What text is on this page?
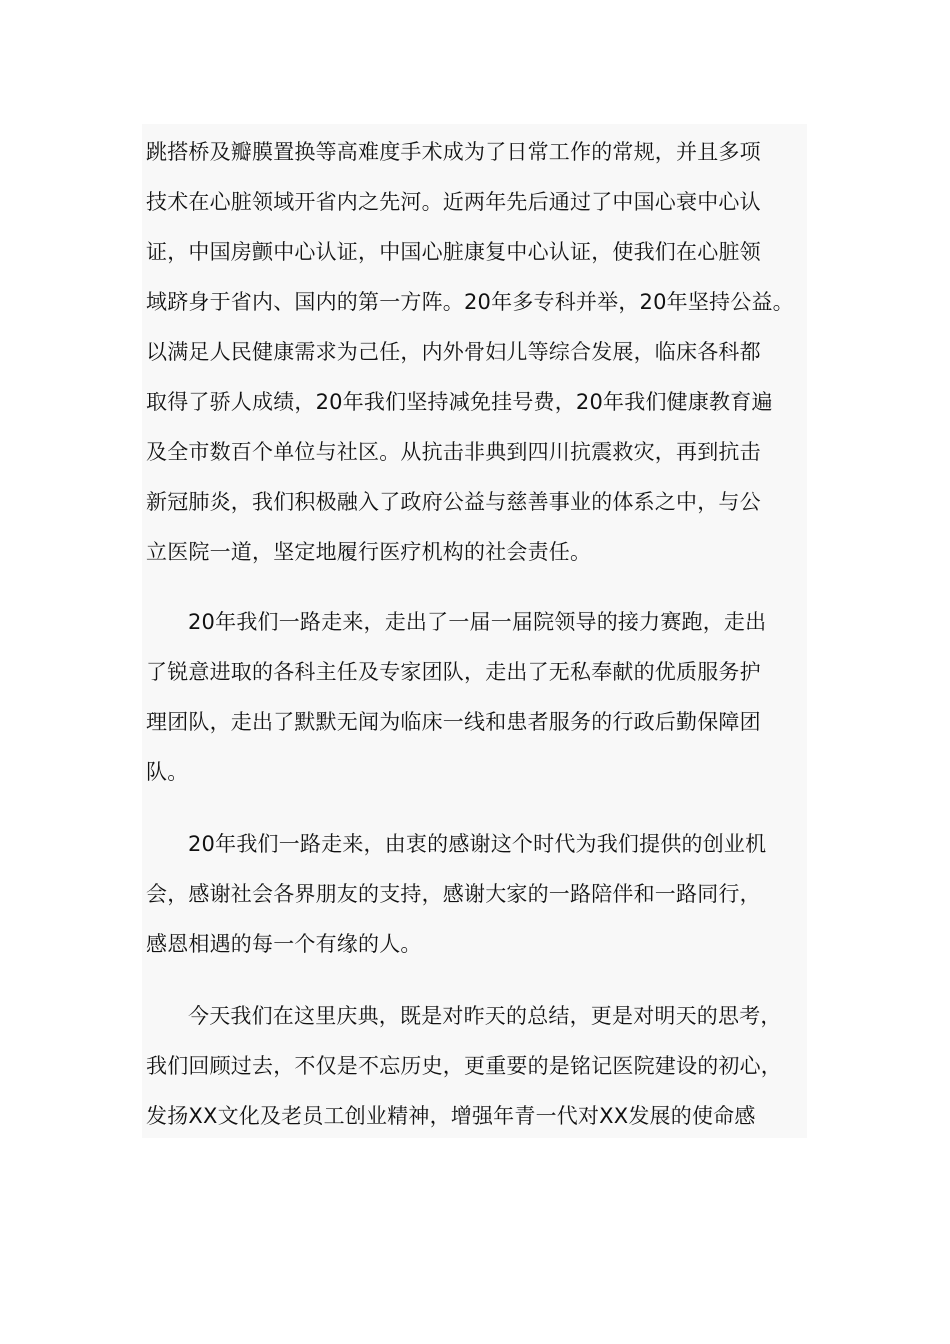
跳搭桥及瓣膜置换等高难度手术成为了日常工作的常规，并且多项
技术在心脏领域开省内之先河。近两年先后通过了中国心衰中心认
证，中国房颤中心认证，中国心脏康复中心认证，使我们在心脏领
域跻身于省内、国内的第一方阵。20年多专科并举，20年坚持公益。
以满足人民健康需求为己任，内外骨妇儿等综合发展，临床各科都
取得了骄人成绩，20年我们坚持减免挂号费，20年我们健康教育遍
及全市数百个单位与社区。从抗击非典到四川抗震救灾，再到抗击
新冠肺炎，我们积极融入了政府公益与慈善事业的体系之中，与公
立医院一道，坚定地履行医疗机构的社会责任。
20年我们一路走来，走出了一届一届院领导的接力赛跑，走出
了锐意进取的各科主任及专家团队，走出了无私奉献的优质服务护
理团队，走出了默默无闻为临床一线和患者服务的行政后勤保障团
队。
20年我们一路走来，由衷的感谢这个时代为我们提供的创业机
会，感谢社会各界朋友的支持，感谢大家的一路陪伴和一路同行，
感恩相遇的每一个有缘的人。
今天我们在这里庆典，既是对昨天的总结，更是对明天的思考，
我们回顾过去，不仅是不忘历史，更重要的是铭记医院建设的初心，
发扬XX文化及老员工创业精神，增强年青一代对XX发展的使命感
